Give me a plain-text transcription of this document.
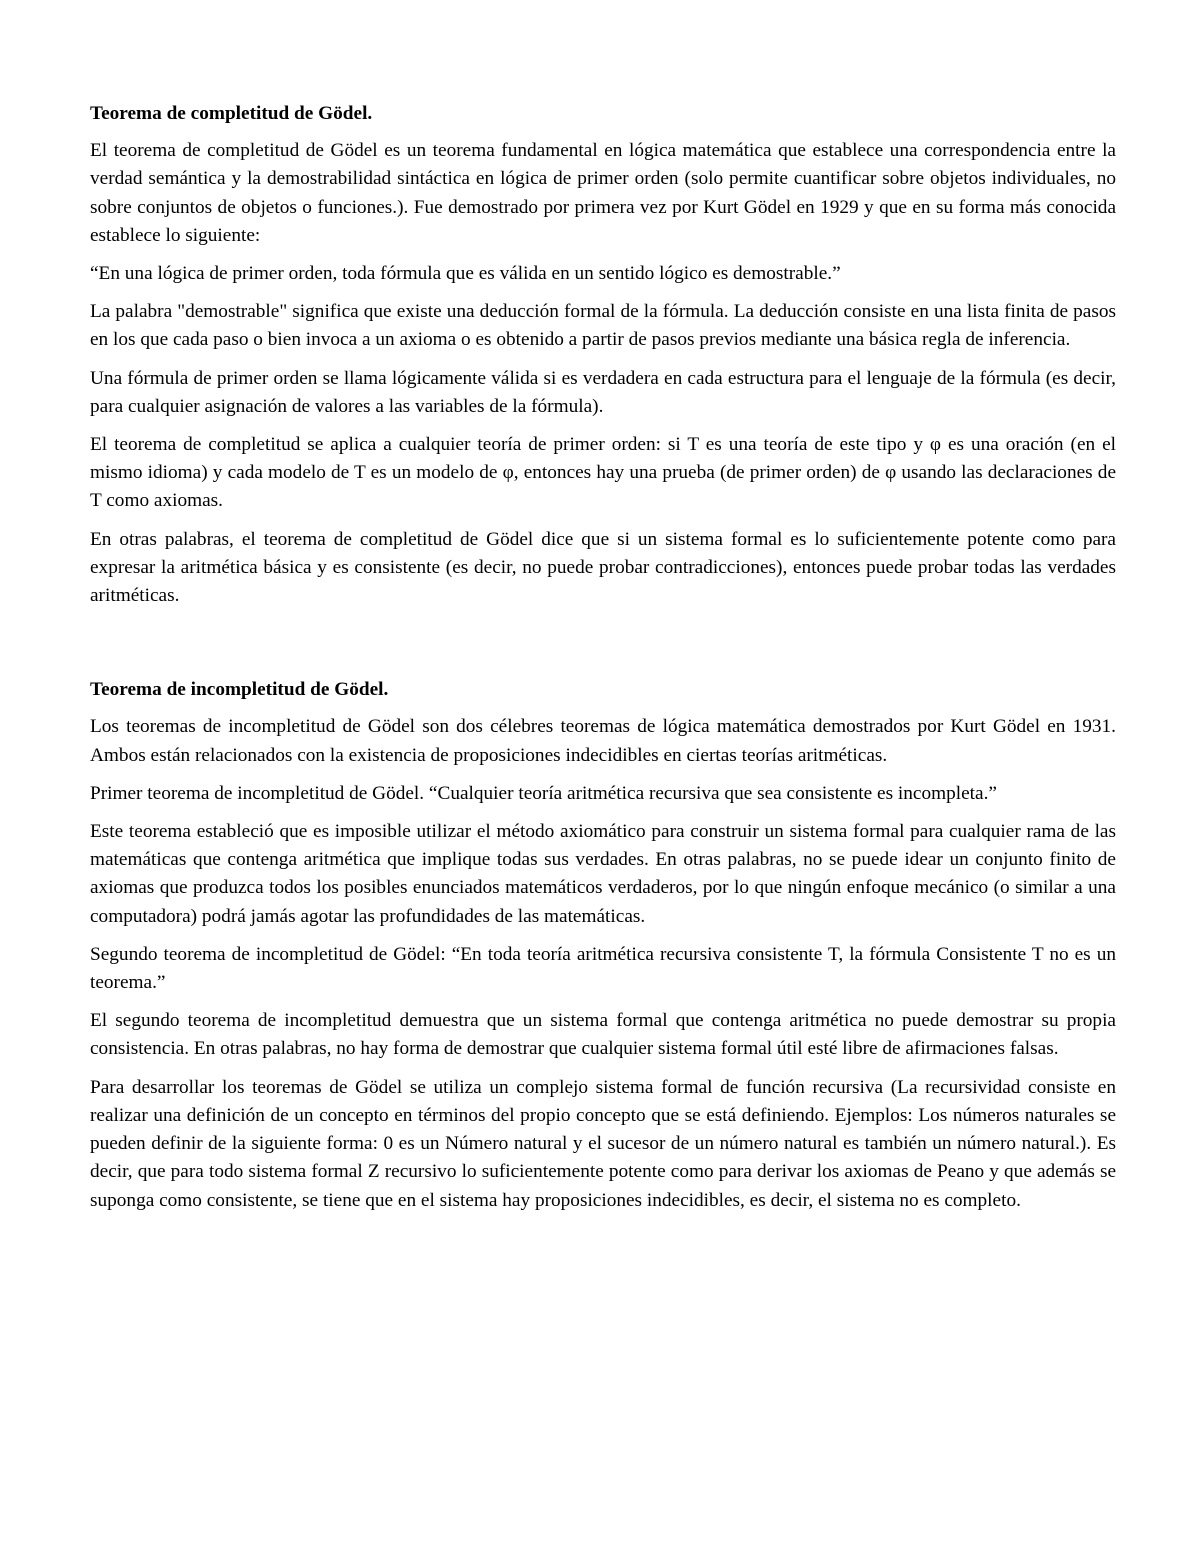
Teorema de completitud de Gödel.

El teorema de completitud de Gödel es un teorema fundamental en lógica matemática que establece una correspondencia entre la verdad semántica y la demostrabilidad sintáctica en lógica de primer orden (solo permite cuantificar sobre objetos individuales, no sobre conjuntos de objetos o funciones.). Fue demostrado por primera vez por Kurt Gödel en 1929 y que en su forma más conocida establece lo siguiente:

“En una lógica de primer orden, toda fórmula que es válida en un sentido lógico es demostrable.”

La palabra "demostrable" significa que existe una deducción formal de la fórmula. La deducción consiste en una lista finita de pasos en los que cada paso o bien invoca a un axioma o es obtenido a partir de pasos previos mediante una básica regla de inferencia.

Una fórmula de primer orden se llama lógicamente válida si es verdadera en cada estructura para el lenguaje de la fórmula (es decir, para cualquier asignación de valores a las variables de la fórmula).

El teorema de completitud se aplica a cualquier teoría de primer orden: si T es una teoría de este tipo y φ es una oración (en el mismo idioma) y cada modelo de T es un modelo de φ, entonces hay una prueba (de primer orden) de φ usando las declaraciones de T como axiomas.

En otras palabras, el teorema de completitud de Gödel dice que si un sistema formal es lo suficientemente potente como para expresar la aritmética básica y es consistente (es decir, no puede probar contradicciones), entonces puede probar todas las verdades aritméticas.

Teorema de incompletitud de Gödel.

Los teoremas de incompletitud de Gödel son dos célebres teoremas de lógica matemática demostrados por Kurt Gödel en 1931. Ambos están relacionados con la existencia de proposiciones indecidibles en ciertas teorías aritméticas.

Primer teorema de incompletitud de Gödel. “Cualquier teoría aritmética recursiva que sea consistente es incompleta.”

Este teorema estableció que es imposible utilizar el método axiomático para construir un sistema formal para cualquier rama de las matemáticas que contenga aritmética que implique todas sus verdades. En otras palabras, no se puede idear un conjunto finito de axiomas que produzca todos los posibles enunciados matemáticos verdaderos, por lo que ningún enfoque mecánico (o similar a una computadora) podrá jamás agotar las profundidades de las matemáticas.

Segundo teorema de incompletitud de Gödel: “En toda teoría aritmética recursiva consistente T, la fórmula Consistente T no es un teorema.”

El segundo teorema de incompletitud demuestra que un sistema formal que contenga aritmética no puede demostrar su propia consistencia. En otras palabras, no hay forma de demostrar que cualquier sistema formal útil esté libre de afirmaciones falsas.

Para desarrollar los teoremas de Gödel se utiliza un complejo sistema formal de función recursiva (La recursividad consiste en realizar una definición de un concepto en términos del propio concepto que se está definiendo. Ejemplos: Los números naturales se pueden definir de la siguiente forma: 0 es un Número natural y el sucesor de un número natural es también un número natural.). Es decir, que para todo sistema formal Z recursivo lo suficientemente potente como para derivar los axiomas de Peano y que además se suponga como consistente, se tiene que en el sistema hay proposiciones indecidibles, es decir, el sistema no es completo.
